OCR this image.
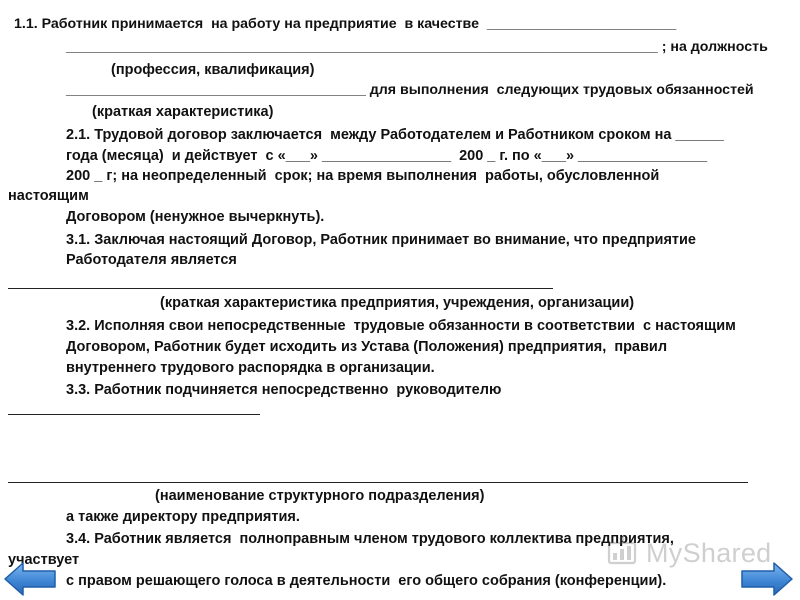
1.1. Работник принимается  на работу на предприятие  в качестве  ________________________

___________________________________________________________________________ ; на должность

(профессия, квалификация)

______________________________________ для выполнения  следующих трудовых обязанностей

(краткая характеристика)

2.1. Трудовой договор заключается  между Работодателем и Работником сроком на ______

года (месяца)  и действует  с «___» ________________  200 _ г. по «___» ________________

200 _ г; на неопределенный  срок; на время выполнения  работы, обусловленной

настоящим

Договором (ненужное вычеркнуть).

3.1. Заключая настоящий Договор, Работник принимает во внимание, что предприятие

Работодателя является

(краткая характеристика предприятия, учреждения, организации)

3.2. Исполняя свои непосредственные  трудовые обязанности в соответствии  с настоящим

Договором, Работник будет исходить из Устава (Положения) предприятия,  правил

внутреннего трудового распорядка в организации.

3.3. Работник подчиняется непосредственно  руководителю

(наименование структурного подразделения)

а также директору предприятия.

3.4. Работник является  полноправным членом трудового коллектива предприятия,

участвует

с правом решающего голоса в деятельности  его общего собрания (конференции).

MyShared
